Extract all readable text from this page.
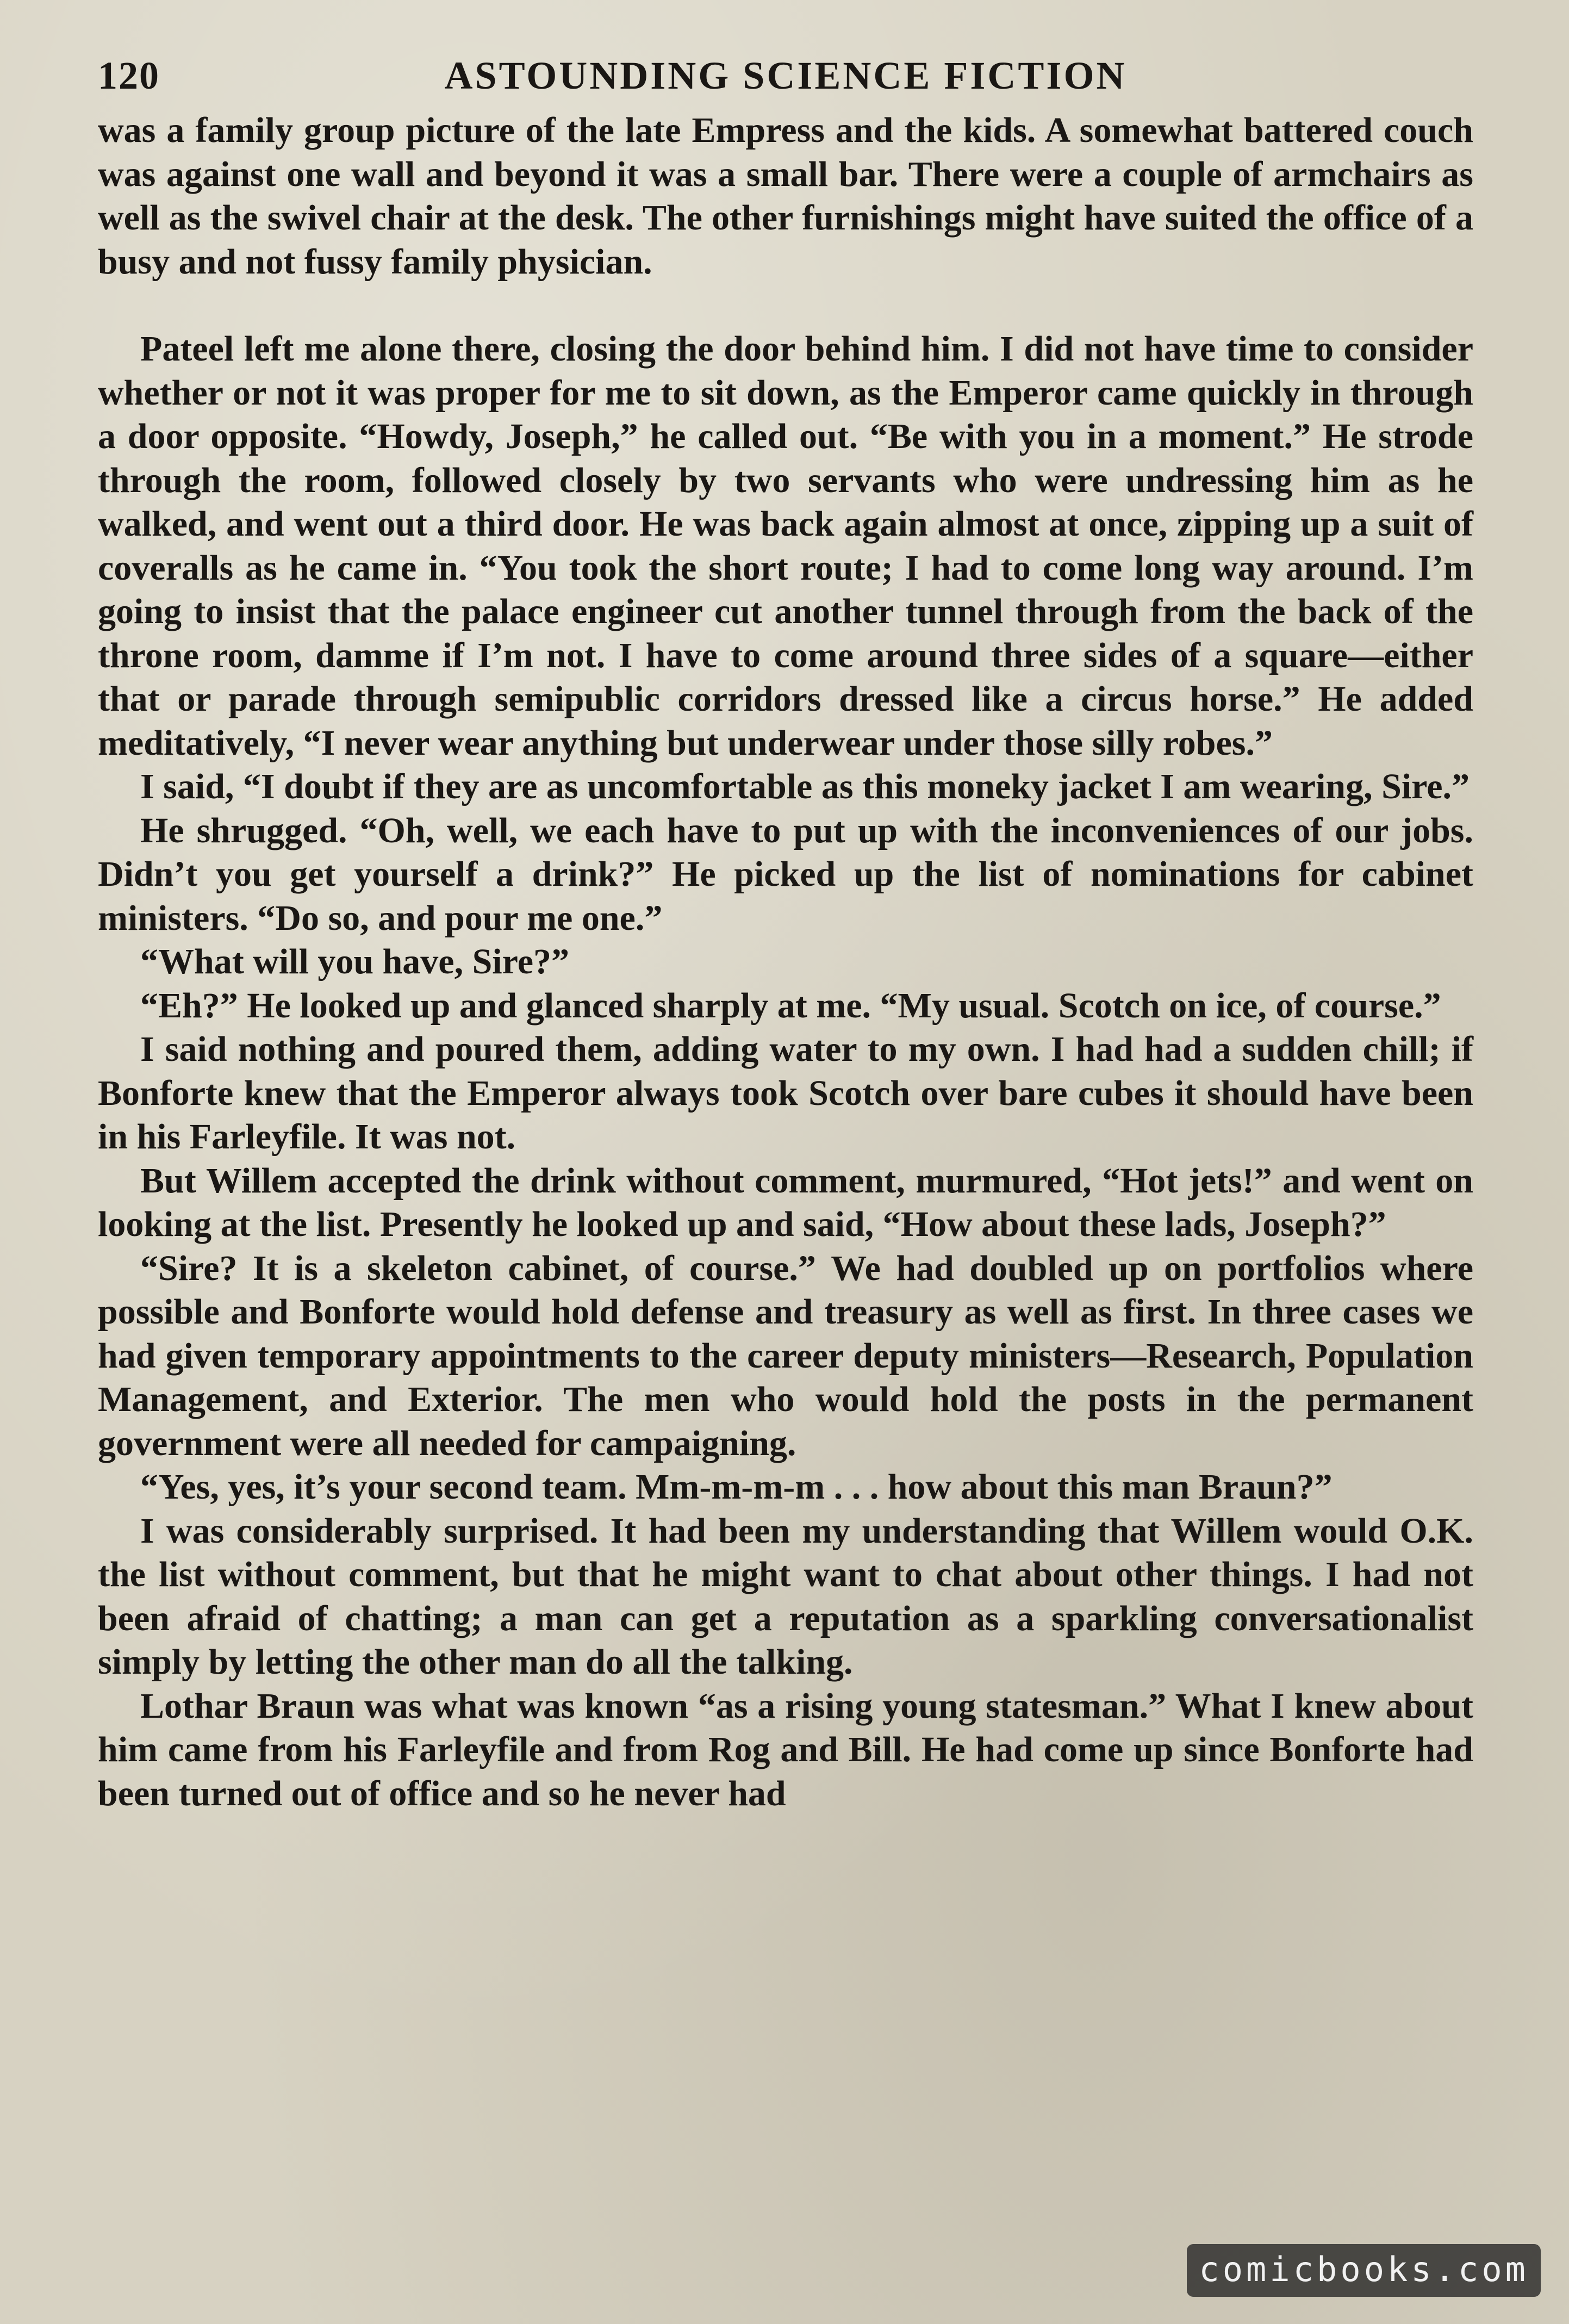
120	ASTOUNDING SCIENCE FICTION

was a family group picture of the late Empress and the kids. A somewhat battered couch was against one wall and beyond it was a small bar. There were a couple of armchairs as well as the swivel chair at the desk. The other furnishings might have suited the office of a busy and not fussy family physician.

Pateel left me alone there, closing the door behind him. I did not have time to consider whether or not it was proper for me to sit down, as the Emperor came quickly in through a door opposite. “Howdy, Joseph,” he called out. “Be with you in a moment.” He strode through the room, followed closely by two servants who were undressing him as he walked, and went out a third door. He was back again almost at once, zipping up a suit of coveralls as he came in. “You took the short route; I had to come long way around. I’m going to insist that the palace engineer cut another tunnel through from the back of the throne room, damme if I’m not. I have to come around three sides of a square—either that or parade through semipublic corridors dressed like a circus horse.” He added meditatively, “I never wear anything but underwear under those silly robes.”

I said, “I doubt if they are as uncomfortable as this moneky jacket I am wearing, Sire.”

He shrugged. “Oh, well, we each have to put up with the inconveniences of our jobs. Didn’t you get yourself a drink?” He picked up the list of nominations for cabinet ministers. “Do so, and pour me one.”

“What will you have, Sire?”

“Eh?” He looked up and glanced sharply at me. “My usual. Scotch on ice, of course.”

I said nothing and poured them, adding water to my own. I had had a sudden chill; if Bonforte knew that the Emperor always took Scotch over bare cubes it should have been in his Farleyfile. It was not.

But Willem accepted the drink without comment, murmured, “Hot jets!” and went on looking at the list. Presently he looked up and said, “How about these lads, Joseph?”

“Sire? It is a skeleton cabinet, of course.” We had doubled up on portfolios where possible and Bonforte would hold defense and treasury as well as first. In three cases we had given temporary appointments to the career deputy ministers—Research, Population Management, and Exterior. The men who would hold the posts in the permanent government were all needed for campaigning.

“Yes, yes, it’s your second team. Mm-m-m-m . . . how about this man Braun?”

I was considerably surprised. It had been my understanding that Willem would O.K. the list without comment, but that he might want to chat about other things. I had not been afraid of chatting; a man can get a reputation as a sparkling conversationalist simply by letting the other man do all the talking.

Lothar Braun was what was known “as a rising young statesman.” What I knew about him came from his Farleyfile and from Rog and Bill. He had come up since Bonforte had been turned out of office and so he never had

comicbooks.com
